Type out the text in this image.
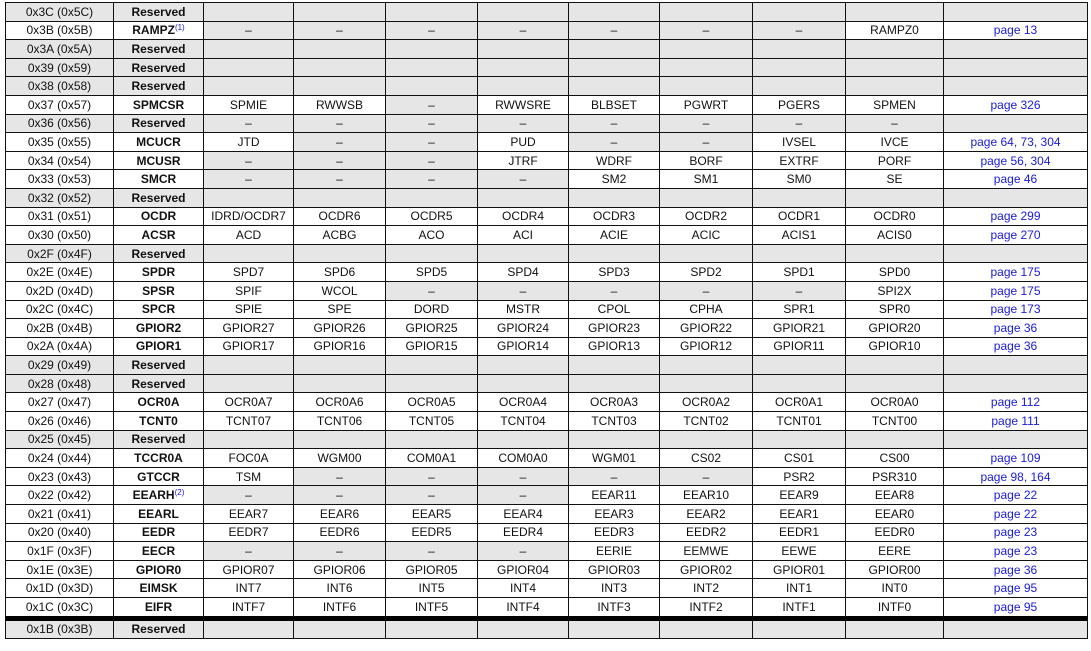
0x3C (0x5C)	Reserved									
0x3B (0x5B)	RAMPZ$^{(1)}$	–	–	–	–	–	–	–	RAMPZ0	page 13
0x3A (0x5A)	Reserved									
0x39 (0x59)	Reserved									
0x38 (0x58)	Reserved									
0x37 (0x57)	SPMCSR	SPMIE	RWWSB	–	RWWSRE	BLBSET	PGWRT	PGERS	SPMEN	page 326
0x36 (0x56)	Reserved	–	–	–	–	–	–	–	–	
0x35 (0x55)	MCUCR	JTD	–	–	PUD	–	–	IVSEL	IVCE	page 64, 73, 304
0x34 (0x54)	MCUSR	–	–	–	JTRF	WDRF	BORF	EXTRF	PORF	page 56, 304
0x33 (0x53)	SMCR	–	–	–	–	SM2	SM1	SM0	SE	page 46
0x32 (0x52)	Reserved									
0x31 (0x51)	OCDR	IDRD/OCDR7	OCDR6	OCDR5	OCDR4	OCDR3	OCDR2	OCDR1	OCDR0	page 299
0x30 (0x50)	ACSR	ACD	ACBG	ACO	ACI	ACIE	ACIC	ACIS1	ACIS0	page 270
0x2F (0x4F)	Reserved									
0x2E (0x4E)	SPDR	SPD7	SPD6	SPD5	SPD4	SPD3	SPD2	SPD1	SPD0	page 175
0x2D (0x4D)	SPSR	SPIF	WCOL	–	–	–	–	–	SPI2X	page 175
0x2C (0x4C)	SPCR	SPIE	SPE	DORD	MSTR	CPOL	CPHA	SPR1	SPR0	page 173
0x2B (0x4B)	GPIOR2	GPIOR27	GPIOR26	GPIOR25	GPIOR24	GPIOR23	GPIOR22	GPIOR21	GPIOR20	page 36
0x2A (0x4A)	GPIOR1	GPIOR17	GPIOR16	GPIOR15	GPIOR14	GPIOR13	GPIOR12	GPIOR11	GPIOR10	page 36
0x29 (0x49)	Reserved									
0x28 (0x48)	Reserved									
0x27 (0x47)	OCR0A	OCR0A7	OCR0A6	OCR0A5	OCR0A4	OCR0A3	OCR0A2	OCR0A1	OCR0A0	page 112
0x26 (0x46)	TCNT0	TCNT07	TCNT06	TCNT05	TCNT04	TCNT03	TCNT02	TCNT01	TCNT00	page 111
0x25 (0x45)	Reserved									
0x24 (0x44)	TCCR0A	FOC0A	WGM00	COM0A1	COM0A0	WGM01	CS02	CS01	CS00	page 109
0x23 (0x43)	GTCCR	TSM	–	–	–	–	–	PSR2	PSR310	page 98, 164
0x22 (0x42)	EEARH$^{(2)}$	–	–	–	–	EEAR11	EEAR10	EEAR9	EEAR8	page 22
0x21 (0x41)	EEARL	EEAR7	EEAR6	EEAR5	EEAR4	EEAR3	EEAR2	EEAR1	EEAR0	page 22
0x20 (0x40)	EEDR	EEDR7	EEDR6	EEDR5	EEDR4	EEDR3	EEDR2	EEDR1	EEDR0	page 23
0x1F (0x3F)	EECR	–	–	–	–	EERIE	EEMWE	EEWE	EERE	page 23
0x1E (0x3E)	GPIOR0	GPIOR07	GPIOR06	GPIOR05	GPIOR04	GPIOR03	GPIOR02	GPIOR01	GPIOR00	page 36
0x1D (0x3D)	EIMSK	INT7	INT6	INT5	INT4	INT3	INT2	INT1	INT0	page 95
0x1C (0x3C)	EIFR	INTF7	INTF6	INTF5	INTF4	INTF3	INTF2	INTF1	INTF0	page 95
0x1B (0x3B)	Reserved									
